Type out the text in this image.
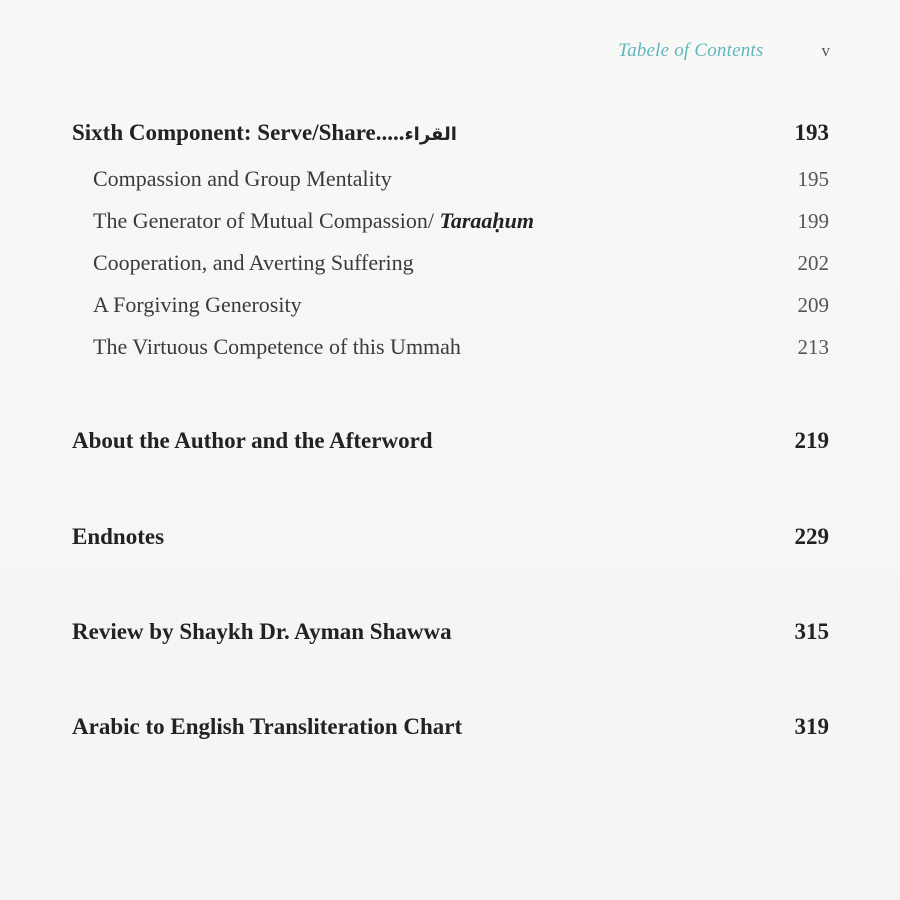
Tabele of Contents	v
Sixth Component: Serve/Share.....القراء	193
Compassion and Group Mentality	195
The Generator of Mutual Compassion/ Taraaḥum	199
Cooperation, and Averting Suffering	202
A Forgiving Generosity	209
The Virtuous Competence of this Ummah	213
About the Author and the Afterword	219
Endnotes	229
Review by Shaykh Dr. Ayman Shawwa	315
Arabic to English Transliteration Chart	319
